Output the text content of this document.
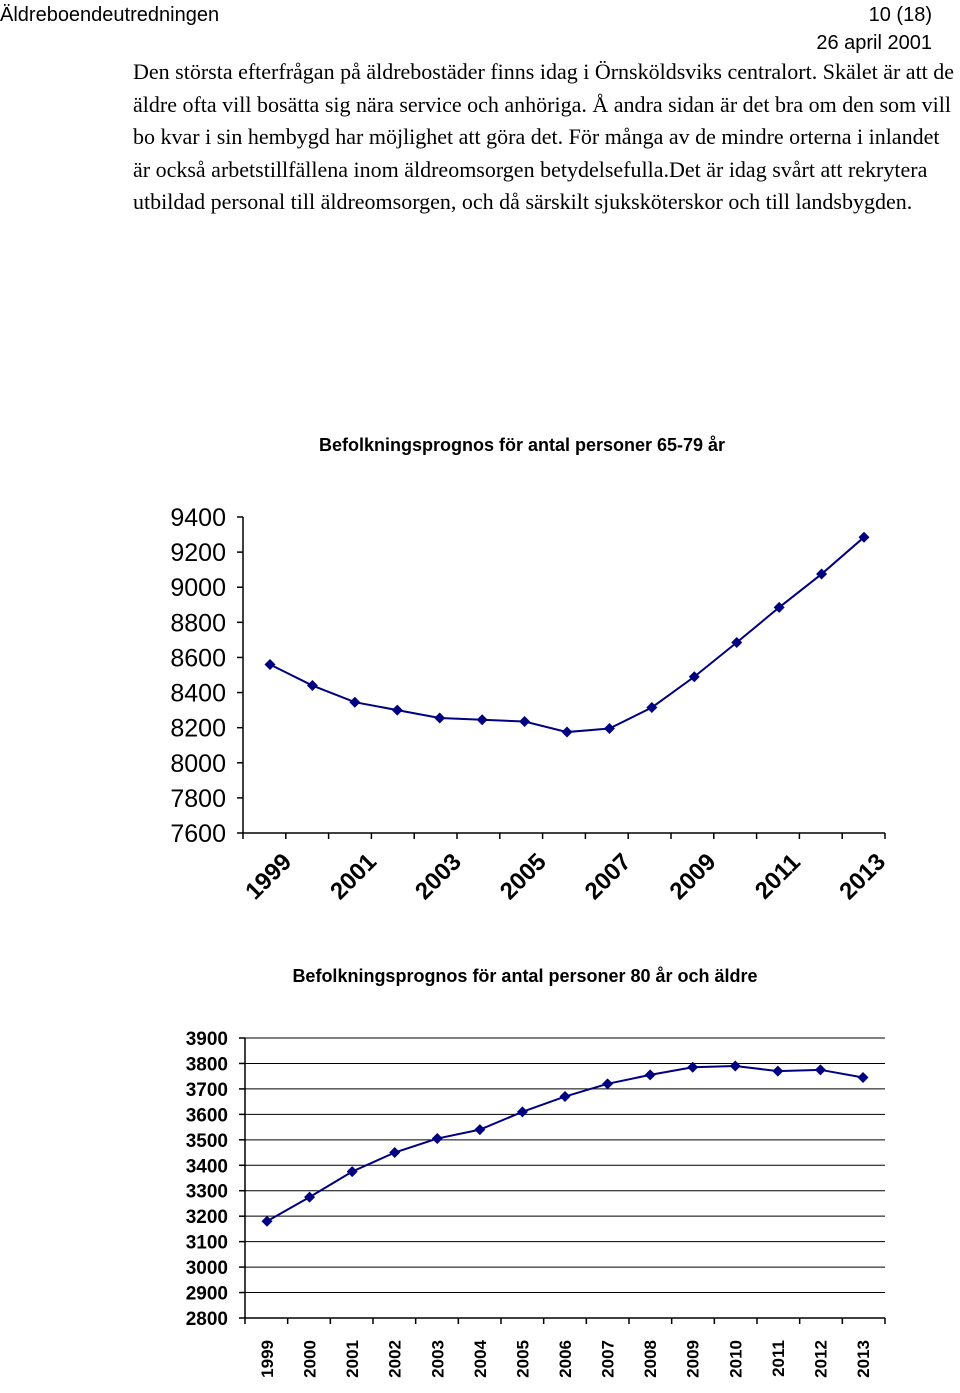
Äldreboendeutredningen	10 (18)
26 april 2001

Den största efterfrågan på äldrebostäder finns idag i Örnsköldsviks centralort. Skälet är att de äldre ofta vill bosätta sig nära service och anhöriga. Å andra sidan är det bra om den som vill bo kvar i sin hembygd har möjlighet att göra det. För många av de mindre orterna i inlandet är också arbetstillfällena inom äldreomsorgen betydelsefulla.Det är idag svårt att rekrytera utbildad personal till äldreomsorgen, och då särskilt sjuksköterskor och till landsbygden.

Befolkningsprognos för antal personer 65-79 år
9400
9200
9000
8800
8600
8400
8200
8000
7800
7600
1999 2001 2003 2005 2007 2009 2011 2013
Befolkningsprognos för antal personer 80 år och äldre
3900
3800
3700
3600
3500
3400
3300
3200
3100
3000
2900
2800
1999 2000 2001 2002 2003 2004 2005 2006 2007 2008 2009 2010 2011 2012 2013
